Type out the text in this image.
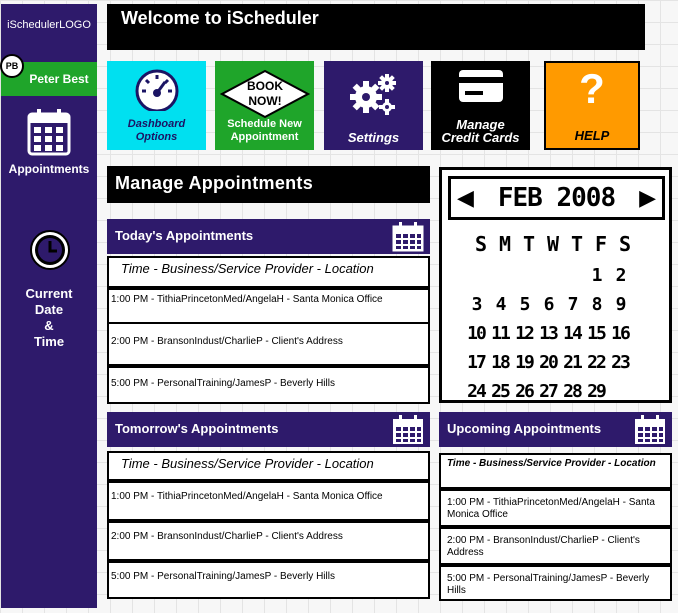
iSchedulerLOGO
PB
Peter Best
Appointments
Current
Date
&
Time
Welcome to iScheduler
Dashboard Options
BOOK
NOW!
Schedule New Appointment	Settings
Manage Credit Cards
?
HELP
Manage Appointments
Today's Appointments
Time - Business/Service Provider - Location
1:00 PM - TithiaPrincetonMed/AngelaH - Santa Monica Office
2:00 PM - BransonIndust/CharlieP - Client's Address
5:00 PM - PersonalTraining/JamesP - Beverly Hills
◀ FEB 2008 ▶
S M T W T F S
1 2
3 4 5 6 7 8 9
10 11 12 13 14 15 16
17 18 19 20 21 22 23
24 25 26 27 28 29
Tomorrow's Appointments
Time - Business/Service Provider - Location
1:00 PM - TithiaPrincetonMed/AngelaH - Santa Monica Office
2:00 PM - BransonIndust/CharlieP - Client's Address
5:00 PM - PersonalTraining/JamesP - Beverly Hills
Upcoming Appointments
Time - Business/Service Provider - Location
1:00 PM - TithiaPrincetonMed/AngelaH - Santa Monica Office
2:00 PM - BransonIndust/CharlieP - Client's Address
5:00 PM - PersonalTraining/JamesP - Beverly Hills
